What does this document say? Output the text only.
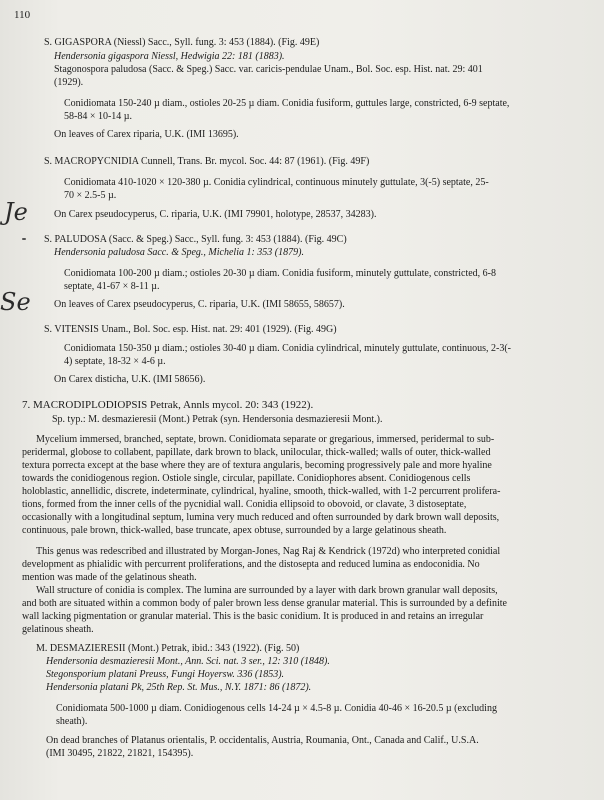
110
S. GIGASPORA (Niessl) Sacc., Syll. fung. 3: 453 (1884). (Fig. 49E)
Hendersonia gigaspora Niessl, Hedwigia 22: 181 (1883).
Stagonospora paludosa (Sacc. & Speg.) Sacc. var. caricis-pendulae Unam., Bol. Soc. esp. Hist. nat. 29: 401
(1929).
Conidiomata 150-240 µ diam., ostioles 20-25 µ diam. Conidia fusiform, guttules large, constricted, 6-9 septate,
58-84 × 10-14 µ.
On leaves of Carex riparia, U.K. (IMI 13695).
S. MACROPYCNIDIA Cunnell, Trans. Br. mycol. Soc. 44: 87 (1961). (Fig. 49F)
Conidiomata 410-1020 × 120-380 µ. Conidia cylindrical, continuous minutely guttulate, 3(-5) septate, 25-
70 × 2.5-5 µ.
Je	On Carex pseudocyperus, C. riparia, U.K. (IMI 79901, holotype, 28537, 34283).
S. PALUDOSA (Sacc. & Speg.) Sacc., Syll. fung. 3: 453 (1884). (Fig. 49C)
Hendersonia paludosa Sacc. & Speg., Michelia 1: 353 (1879).
Conidiomata 100-200 µ diam.; ostioles 20-30 µ diam. Conidia fusiform, minutely guttulate, constricted, 6-8
septate, 41-67 × 8-11 µ.
Se On leaves of Carex pseudocyperus, C. riparia, U.K. (IMI 58655, 58657).
S. VITENSIS Unam., Bol. Soc. esp. Hist. nat. 29: 401 (1929). (Fig. 49G)
Conidiomata 150-350 µ diam.; ostioles 30-40 µ diam. Conidia cylindrical, minutely guttulate, continuous, 2-3(-
4) septate, 18-32 × 4-6 µ.
On Carex disticha, U.K. (IMI 58656).
7. MACRODIPLODIOPSIS Petrak, Annls mycol. 20: 343 (1922).
Sp. typ.: M. desmazieresii (Mont.) Petrak (syn. Hendersonia desmazieresii Mont.).

Mycelium immersed, branched, septate, brown. Conidiomata separate or gregarious, immersed, peridermal to sub-

peridermal, globose to collabent, papillate, dark brown to black, unilocular, thick-walled; walls of outer, thick-walled

textura porrecta except at the base where they are of textura angularis, becoming progressively pale and more hyaline

towards the conidiogenous region. Ostiole single, circular, papillate. Conidiophores absent. Conidiogenous cells

holoblastic, annellidic, discrete, indeterminate, cylindrical, hyaline, smooth, thick-walled, with 1-2 percurrent prolifera-

tions, formed from the inner cells of the pycnidial wall. Conidia ellipsoid to obovoid, or clavate, 3 distoseptate,

occasionally with a longitudinal septum, lumina very much reduced and often surrounded by dark brown wall deposits,

continuous, pale brown, thick-walled, base truncate, apex obtuse, surrounded by a large gelatinous sheath.

This genus was redescribed and illustrated by Morgan-Jones, Nag Raj & Kendrick (1972d) who interpreted conidial

development as phialidic with percurrent proliferations, and the distosepta and reduced lumina as endoconidia. No

mention was made of the gelatinous sheath.

Wall structure of conidia is complex. The lumina are surrounded by a layer with dark brown granular wall deposits,

and both are situated within a common body of paler brown less dense granular material. This is surrounded by a definite

wall lacking pigmentation or granular material. This is the basic conidium. It is produced in and retains an irregular

gelatinous sheath.

M. DESMAZIERESII (Mont.) Petrak, ibid.: 343 (1922). (Fig. 50)
Hendersonia desmazieresii Mont., Ann. Sci. nat. 3 ser., 12: 310 (1848).
Stegonsporium platani Preuss, Fungi Hoyersw. 336 (1853).
Hendersonia platani Pk, 25th Rep. St. Mus., N.Y. 1871: 86 (1872).
Conidiomata 500-1000 µ diam. Conidiogenous cells 14-24 µ × 4.5-8 µ. Conidia 40-46 × 16-20.5 µ (excluding
sheath).
On dead branches of Platanus orientalis, P. occidentalis, Austria, Roumania, Ont., Canada and Calif., U.S.A.
(IMI 30495, 21822, 21821, 154395).
